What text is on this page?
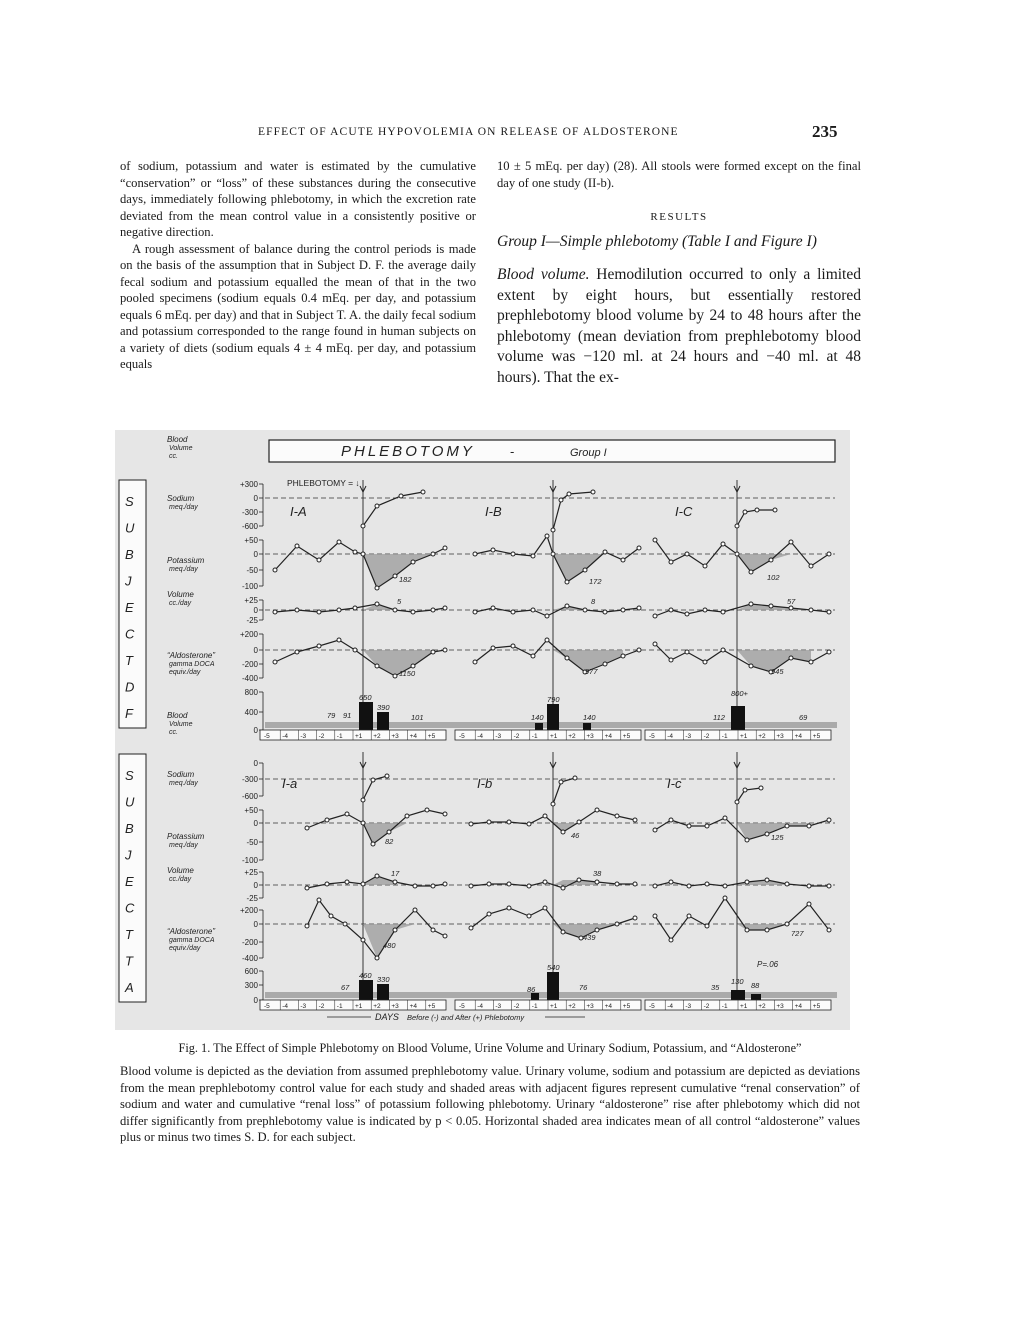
EFFECT OF ACUTE HYPOVOLEMIA ON RELEASE OF ALDOSTERONE	235

of sodium, potassium and water is estimated by the cumulative “conservation” or “loss” of these substances during the consecutive days, immediately following phlebotomy, in which the excretion rate deviated from the mean control value in a consistently positive or negative direction.

A rough assessment of balance during the control periods is made on the basis of the assumption that in Subject D. F. the average daily fecal sodium and potassium equalled the mean of that in the two pooled specimens (sodium equals 0.4 mEq. per day, and potassium equals 6 mEq. per day) and that in Subject T. A. the daily fecal sodium and potassium corresponded to the range found in human subjects on a variety of diets (sodium equals 4 ± 4 mEq. per day, and potassium equals

10 ± 5 mEq. per day) (28). All stools were formed except on the final day of one study (II-b).

RESULTS
Group I—Simple phlebotomy (Table I and Figure I)

Blood volume. Hemodilution occurred to only a limited extent by eight hours, but essentially restored prephlebotomy blood volume by 24 to 48 hours after the phlebotomy (mean deviation from prephlebotomy blood volume was −120 ml. at 24 hours and −40 ml. at 48 hours). That the ex-

PHLEBOTOMY	-	Group I
PHLEBOTOMY = ↓
P=.06
DAYS Before (-) and After (+) Phlebotomy
S
U
B
J
E
C
T
D
F
S
U
B
J
E
C
T
T
A
Blood
Volume
cc.
Sodium
meq./day
Potassium
meq./day
Volume
cc./day
“Aldosterone”
gamma DOCA
equiv./day
+300
0
-300
-600
+50
0
-50
-100
+25
0
-25
+200
0
-200
-400
800
400
0
Blood
Volume
cc.
Sodium
meq./day
Potassium
meq./day
Volume
cc./day
“Aldosterone”
gamma DOCA
equiv./day
0
-300
-600
+50
0
-50
-100
+25
0
-25
+200
0
-200
-400
600
300
0
I-A	I-B	I-C
I-a	I-b	I-c
182	172	102
5	8	57
1150	977	945
79 91
650
390
101	140
790
140	112
800+
69
82
46	125
17	38
480
439	727
67
460 330
86
540
76	35
130 88
-5 -4 -3 -2 -1 +1 +2 +3 +4 +5
-5 -4 -3 -2 -1 +1 +2 +3 +4 +5
-5 -4 -3 -2 -1 +1 +2 +3 +4 +5
-5 -4 -3 -2 -1 +1 +2 +3 +4 +5
-5 -4 -3 -2 -1 +1 +2 +3 +4 +5
-5 -4 -3 -2 -1 +1 +2 +3 +4 +5
Fig. 1. The Effect of Simple Phlebotomy on Blood Volume, Urine Volume and Urinary Sodium, Potassium, and “Aldosterone”
Blood volume is depicted as the deviation from assumed prephlebotomy value. Urinary volume, sodium and potassium are depicted as deviations from the mean prephlebotomy control value for each study and shaded areas with adjacent figures represent cumulative “renal conservation” of sodium and water and cumulative “renal loss” of potassium following phlebotomy. Urinary “aldosterone” rise after phlebotomy which did not differ significantly from prephlebotomy value is indicated by p < 0.05. Horizontal shaded area indicates mean of all control “aldosterone” values plus or minus two times S. D. for each subject.
